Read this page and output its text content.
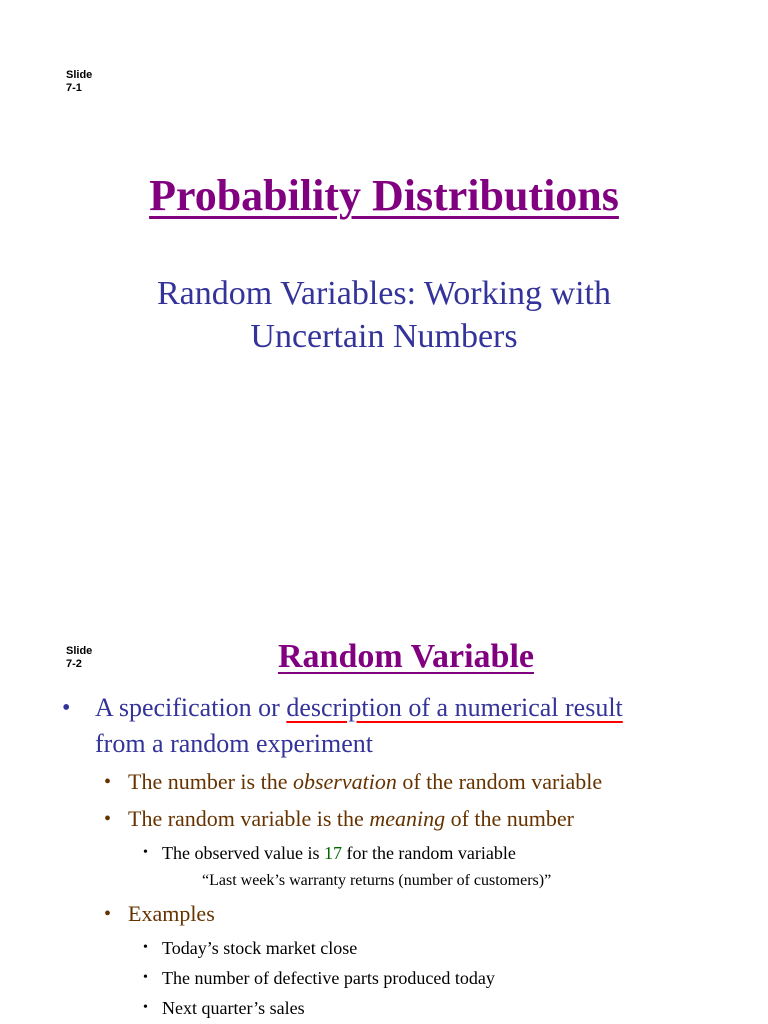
Slide
7-1
Probability Distributions
Random Variables: Working with
Uncertain Numbers
Slide
7-2	Random Variable
• A specification or description of a numerical result
from a random experiment
• The number is the observation of the random variable
• The random variable is the meaning of the number
• The observed value is 17 for the random variable
“Last week’s warranty returns (number of customers)”
• Examples
• Today’s stock market close
• The number of defective parts produced today
• Next quarter’s sales
